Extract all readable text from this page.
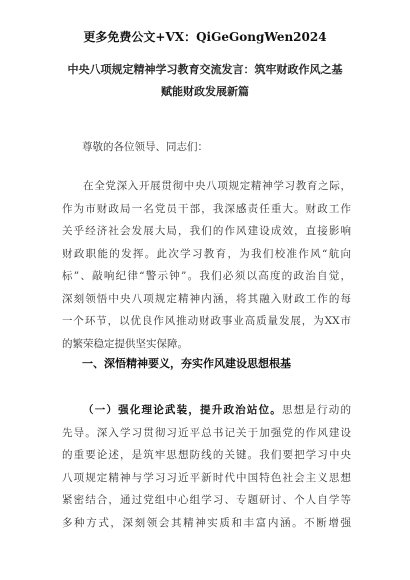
更多免费公文+VX：QiGeGongWen2024
中央八项规定精神学习教育交流发言：筑牢财政作风之基
赋能财政发展新篇
尊敬的各位领导、同志们：
在全党深入开展贯彻中央八项规定精神学习教育之际，
作为市财政局一名党员干部，我深感责任重大。财政工作
关乎经济社会发展大局，我们的作风建设成效，直接影响
财政职能的发挥。此次学习教育，为我们校准作风“航向
标”、敲响纪律“警示钟”。我们必须以高度的政治自觉，
深刻领悟中央八项规定精神内涵，将其融入财政工作的每
一个环节，以优良作风推动财政事业高质量发展，为XX市
的繁荣稳定提供坚实保障。
一、深悟精神要义，夯实作风建设思想根基
（一）强化理论武装，提升政治站位。思想是行动的
先导。深入学习贯彻习近平总书记关于加强党的作风建设
的重要论述，是筑牢思想防线的关键。我们要把学习中央
八项规定精神与学习习近平新时代中国特色社会主义思想
紧密结合，通过党组中心组学习、专题研讨、个人自学等
多种方式，深刻领会其精神实质和丰富内涵。不断增强
